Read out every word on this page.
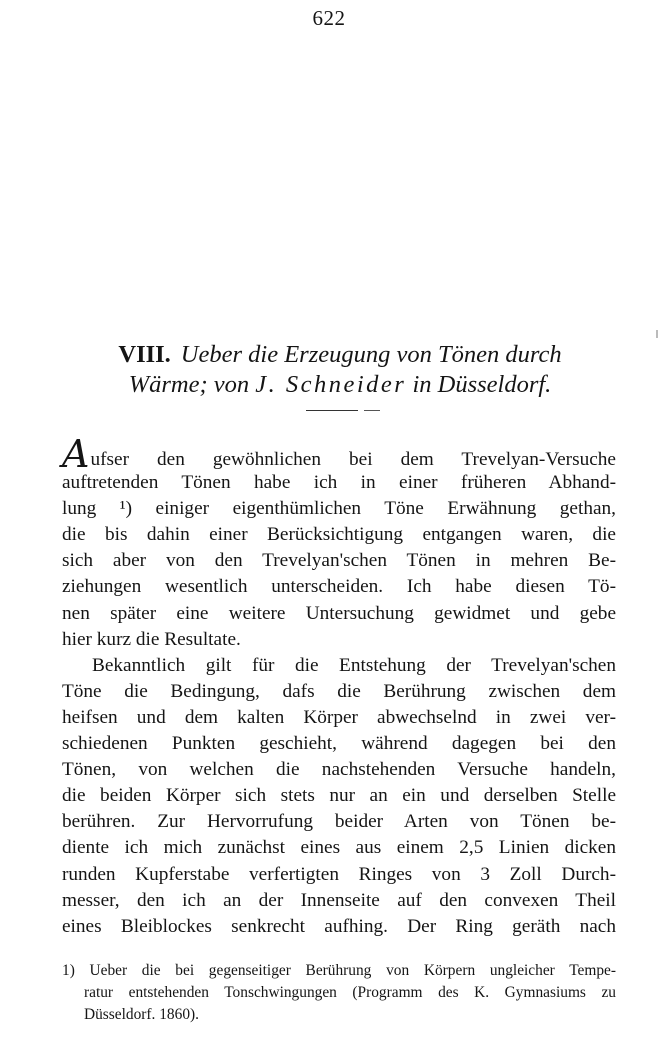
622
VIII. Ueber die Erzeugung von Tönen durch
Wärme; von J. Schneider in Düsseldorf.
Aufser den gewöhnlichen bei dem Trevelyan-Versuche
auftretenden Tönen habe ich in einer früheren Abhand-
lung ¹) einiger eigenthümlichen Töne Erwähnung gethan,
die bis dahin einer Berücksichtigung entgangen waren, die
sich aber von den Trevelyan'schen Tönen in mehren Be-
ziehungen wesentlich unterscheiden. Ich habe diesen Tö-
nen später eine weitere Untersuchung gewidmet und gebe
hier kurz die Resultate.
Bekanntlich gilt für die Entstehung der Trevelyan'schen
Töne die Bedingung, dafs die Berührung zwischen dem
heifsen und dem kalten Körper abwechselnd in zwei ver-
schiedenen Punkten geschieht, während dagegen bei den
Tönen, von welchen die nachstehenden Versuche handeln,
die beiden Körper sich stets nur an ein und derselben Stelle
berühren. Zur Hervorrufung beider Arten von Tönen be-
diente ich mich zunächst eines aus einem 2,5 Linien dicken
runden Kupferstabe verfertigten Ringes von 3 Zoll Durch-
messer, den ich an der Innenseite auf den convexen Theil
eines Bleiblockes senkrecht aufhing. Der Ring geräth nach
1) Ueber die bei gegenseitiger Berührung von Körpern ungleicher Tempe-
ratur entstehenden Tonschwingungen (Programm des K. Gymnasiums zu
Düsseldorf. 1860).
